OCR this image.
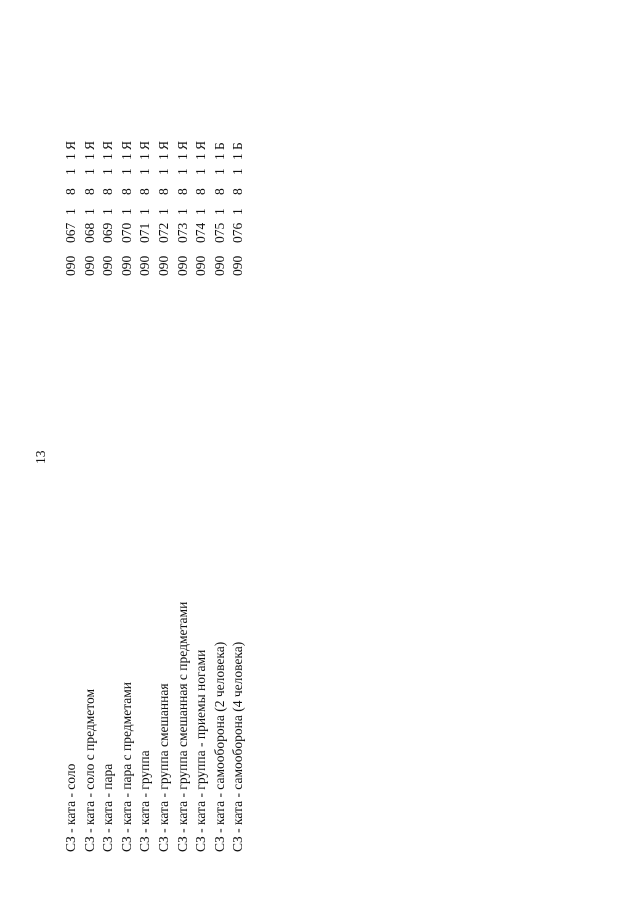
13
СЗ - ката - соло СЗ - ката - соло с предметом СЗ - ката - пара СЗ - ката - пара с предметами СЗ - ката - группа СЗ - ката - группа смешанная СЗ - ката - группа смешанная с предметами СЗ - ката - группа - приемы ногами СЗ - ката - самооборона (2 человека) СЗ - ката - самооборона (4 человека)
090
067
1
8
1
1
Я
090
068
1
8
1
1
Я
090
069
1
8
1
1
Я
090
070
1
8
1
1
Я
090
071
1
8
1
1
Я
090
072
1
8
1
1
Я
090
073
1
8
1
1
Я
090
074
1
8
1
1
Я
090
075
1
8
1
1
Б
090
076
1
8
1
1
Б
